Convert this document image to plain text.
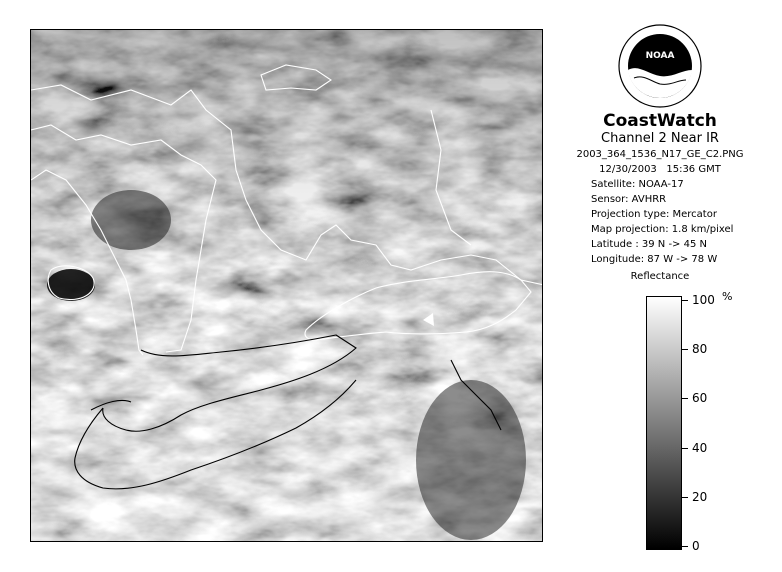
NOAA
CoastWatch
Channel 2 Near IR
2003_364_1536_N17_GE_C2.PNG
12/30/2003 15:36 GMT
Satellite: NOAA-17
Sensor: AVHRR
Projection type: Mercator
Map projection: 1.8 km/pixel
Latitude : 39 N -> 45 N
Longitude: 87 W -> 78 W
Reflectance
%
100
80
60
40
20
0
